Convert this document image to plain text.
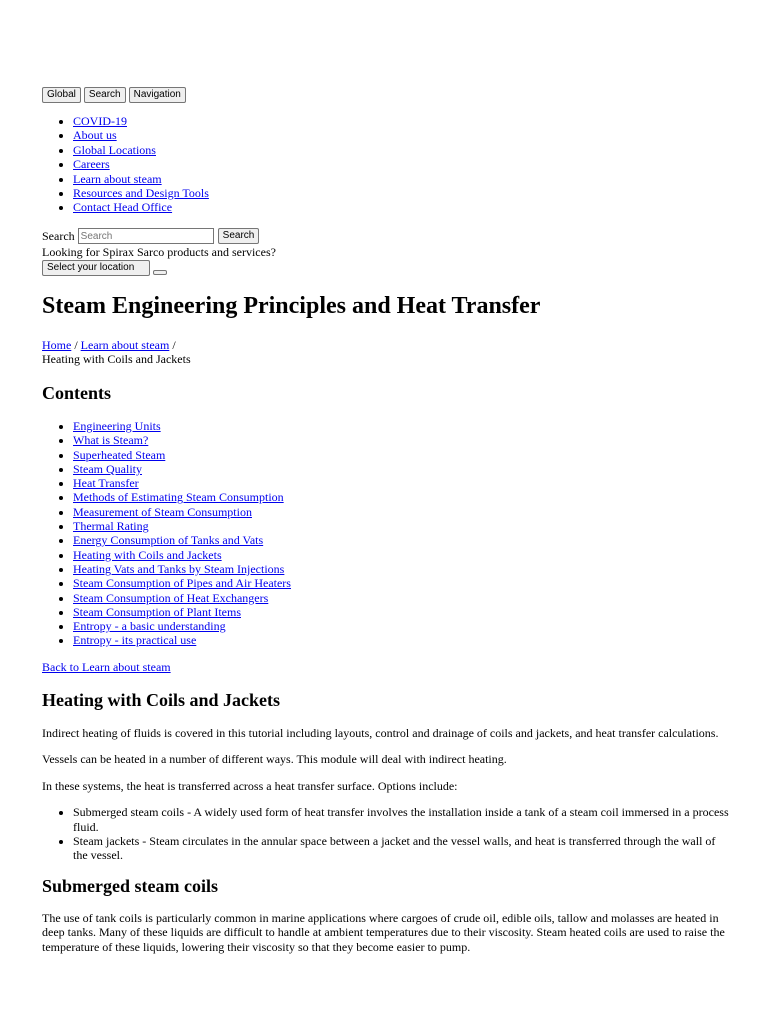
Global	Search	Navigation
• COVID-19
• About us
• Global Locations
• Careers
• Learn about steam
• Resources and Design Tools
• Contact Head Office
Search
Search	Search
Looking for Spirax Sarco products and services?
Select your location
Steam Engineering Principles and Heat Transfer
Home / Learn about steam /
Heating with Coils and Jackets
Contents
• Engineering Units
• What is Steam?
• Superheated Steam
• Steam Quality
• Heat Transfer
• Methods of Estimating Steam Consumption
• Measurement of Steam Consumption
• Thermal Rating
• Energy Consumption of Tanks and Vats
• Heating with Coils and Jackets
• Heating Vats and Tanks by Steam Injections
• Steam Consumption of Pipes and Air Heaters
• Steam Consumption of Heat Exchangers
• Steam Consumption of Plant Items
• Entropy - a basic understanding
• Entropy - its practical use
Back to Learn about steam
Heating with Coils and Jackets

Indirect heating of fluids is covered in this tutorial including layouts, control and drainage of coils and jackets, and heat transfer calculations.

Vessels can be heated in a number of different ways. This module will deal with indirect heating.

In these systems, the heat is transferred across a heat transfer surface. Options include:

• Submerged steam coils - A widely used form of heat transfer involves the installation inside a tank of a steam coil immersed in a process fluid.
• Steam jackets - Steam circulates in the annular space between a jacket and the vessel walls, and heat is transferred through the wall of the vessel.
Submerged steam coils

The use of tank coils is particularly common in marine applications where cargoes of crude oil, edible oils, tallow and molasses are heated in deep tanks. Many of these liquids are difficult to handle at ambient temperatures due to their viscosity. Steam heated coils are used to raise the temperature of these liquids, lowering their viscosity so that they become easier to pump.
